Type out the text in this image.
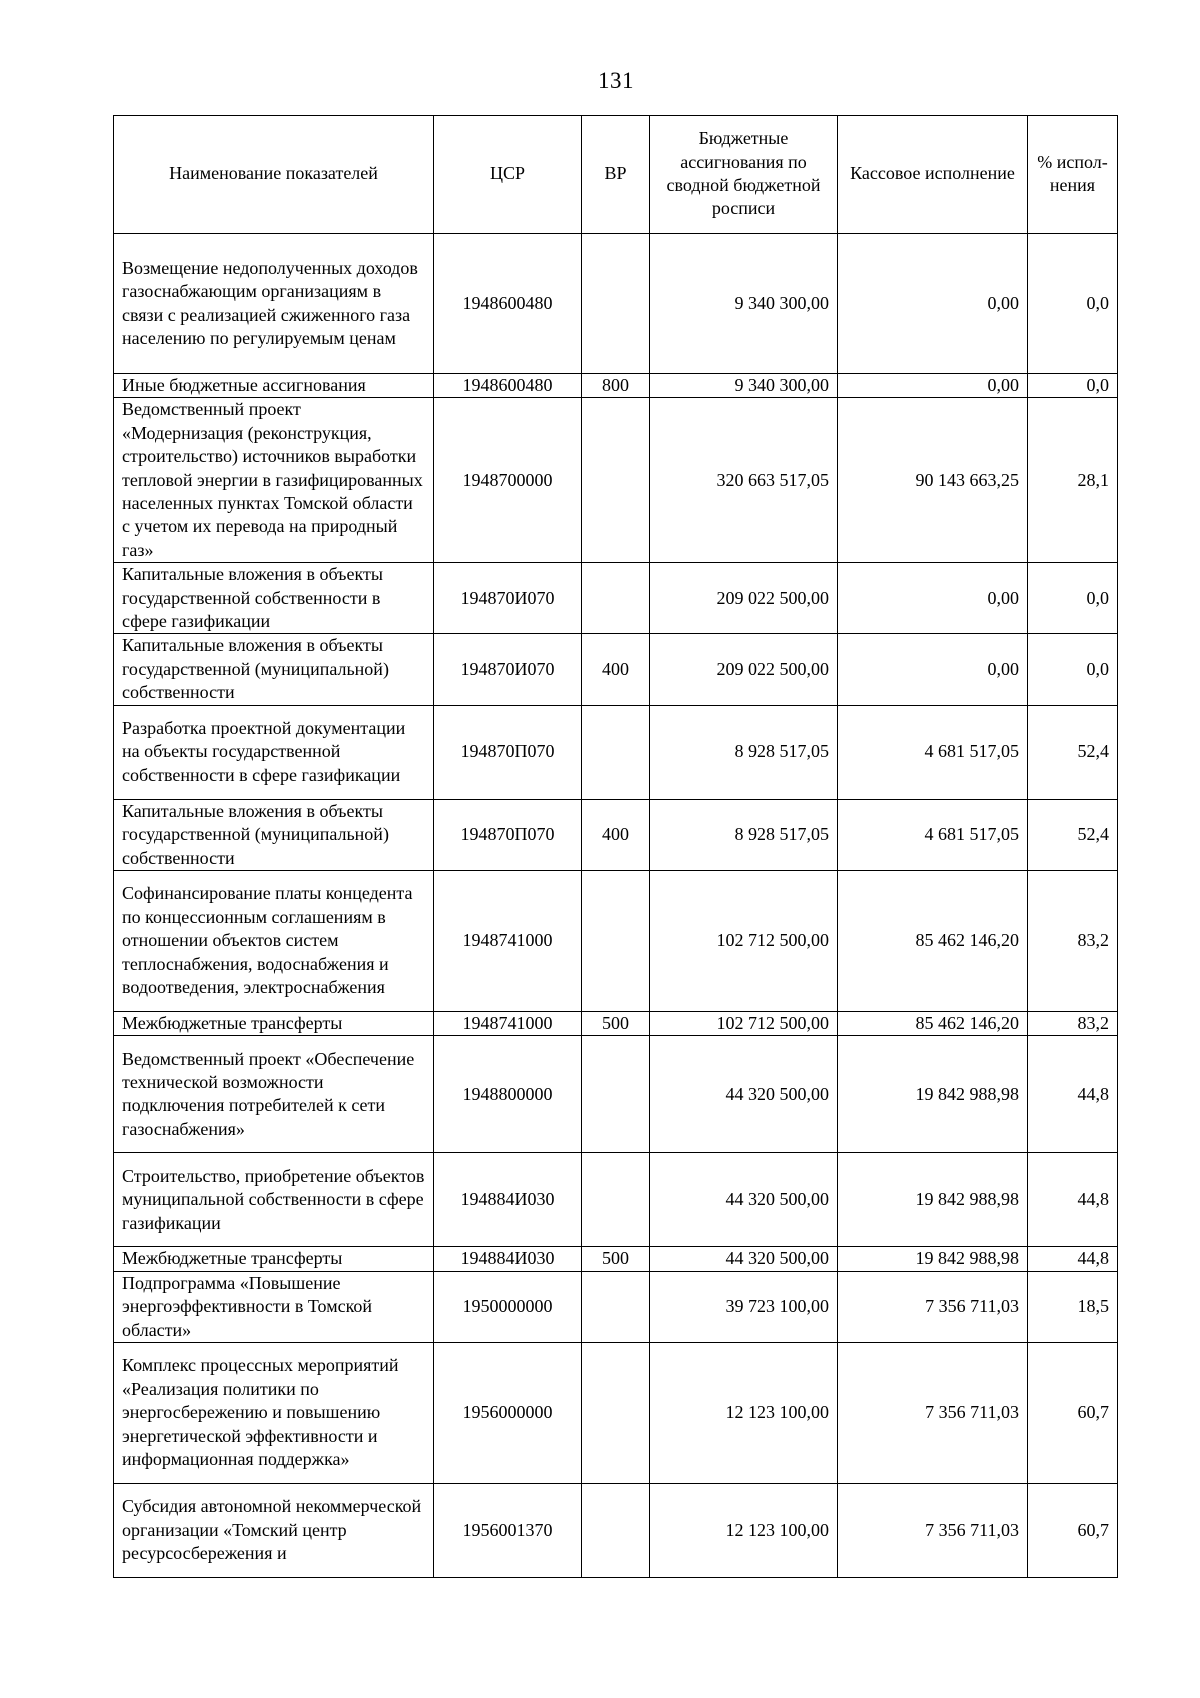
131
Наименование показателей	ЦСР	ВР	Бюджетные ассигнования по сводной бюджетной росписи	Кассовое исполнение	% испол-нения
Возмещение недополученных доходов газоснабжающим организациям в связи с реализацией сжиженного газа населению по регулируемым ценам	1948600480		9 340 300,00	0,00	0,0
Иные бюджетные ассигнования	1948600480	800	9 340 300,00	0,00	0,0
Ведомственный проект «Модернизация (реконструкция, строительство) источников выработки тепловой энергии в газифицированных населенных пунктах Томской области с учетом их перевода на природный газ»	1948700000		320 663 517,05	90 143 663,25	28,1
Капитальные вложения в объекты государственной собственности в сфере газификации	194870И070		209 022 500,00	0,00	0,0
Капитальные вложения в объекты государственной (муниципальной) собственности	194870И070	400	209 022 500,00	0,00	0,0
Разработка проектной документации на объекты государственной собственности в сфере газификации	194870П070		8 928 517,05	4 681 517,05	52,4
Капитальные вложения в объекты государственной (муниципальной) собственности	194870П070	400	8 928 517,05	4 681 517,05	52,4
Софинансирование платы концедента по концессионным соглашениям в отношении объектов систем теплоснабжения, водоснабжения и водоотведения, электроснабжения	1948741000		102 712 500,00	85 462 146,20	83,2
Межбюджетные трансферты	1948741000	500	102 712 500,00	85 462 146,20	83,2
Ведомственный проект «Обеспечение технической возможности подключения потребителей к сети газоснабжения»	1948800000		44 320 500,00	19 842 988,98	44,8
Строительство, приобретение объектов муниципальной собственности в сфере газификации	194884И030		44 320 500,00	19 842 988,98	44,8
Межбюджетные трансферты	194884И030	500	44 320 500,00	19 842 988,98	44,8
Подпрограмма «Повышение энергоэффективности в Томской области»	1950000000		39 723 100,00	7 356 711,03	18,5
Комплекс процессных мероприятий «Реализация политики по энергосбережению и повышению энергетической эффективности и информационная поддержка»	1956000000		12 123 100,00	7 356 711,03	60,7
Субсидия автономной некоммерческой организации «Томский центр ресурсосбережения и	1956001370		12 123 100,00	7 356 711,03	60,7
